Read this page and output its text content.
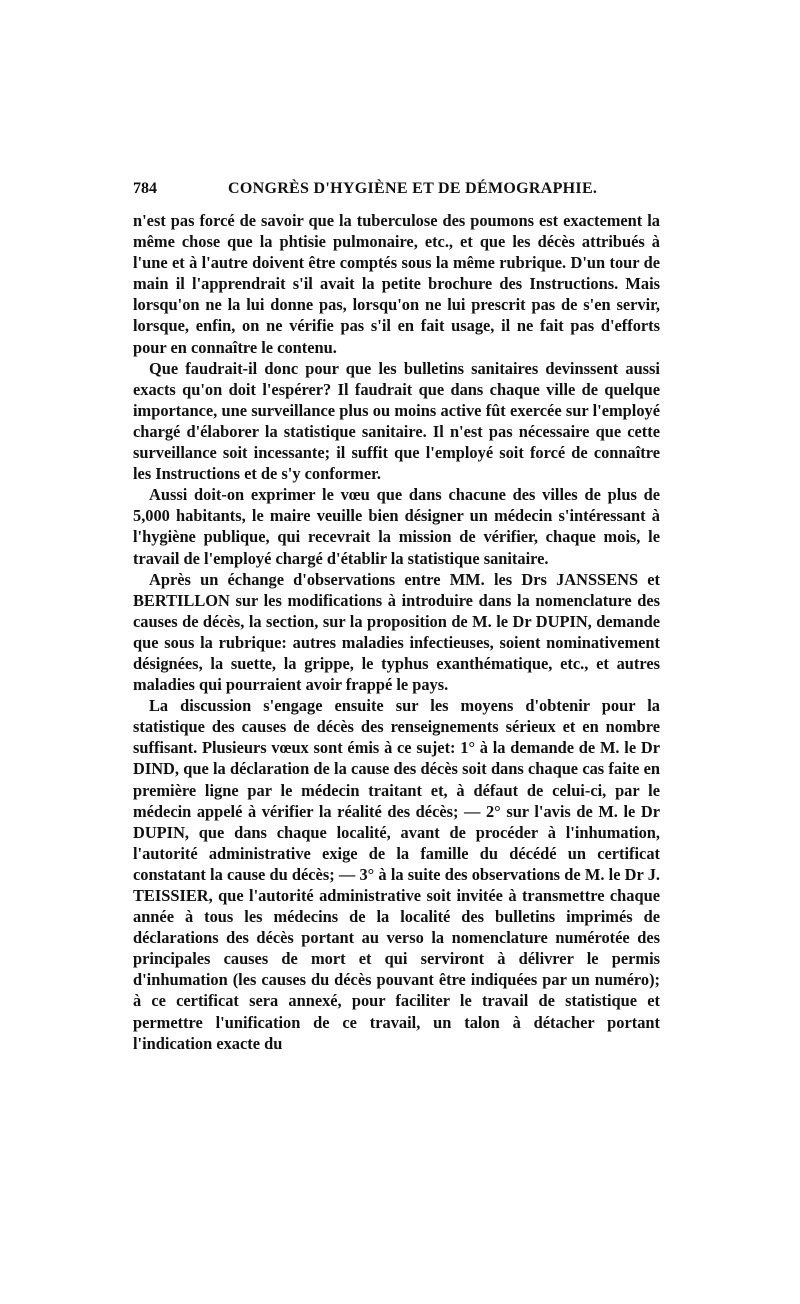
784	CONGRÈS D'HYGIÈNE ET DE DÉMOGRAPHIE.

n'est pas forcé de savoir que la tuberculose des poumons est exactement la même chose que la phtisie pulmonaire, etc., et que les décès attribués à l'une et à l'autre doivent être comptés sous la même rubrique. D'un tour de main il l'apprendrait s'il avait la petite brochure des Instructions. Mais lorsqu'on ne la lui donne pas, lorsqu'on ne lui prescrit pas de s'en servir, lorsque, enfin, on ne vérifie pas s'il en fait usage, il ne fait pas d'efforts pour en connaître le contenu.

Que faudrait-il donc pour que les bulletins sanitaires devinssent aussi exacts qu'on doit l'espérer? Il faudrait que dans chaque ville de quelque importance, une surveillance plus ou moins active fût exercée sur l'employé chargé d'élaborer la statistique sanitaire. Il n'est pas nécessaire que cette surveillance soit incessante; il suffit que l'employé soit forcé de connaître les Instructions et de s'y conformer.

Aussi doit-on exprimer le vœu que dans chacune des villes de plus de 5,000 habitants, le maire veuille bien désigner un médecin s'intéressant à l'hygiène publique, qui recevrait la mission de vérifier, chaque mois, le travail de l'employé chargé d'établir la statistique sanitaire.

Après un échange d'observations entre MM. les Drs JANSSENS et BERTILLON sur les modifications à introduire dans la nomenclature des causes de décès, la section, sur la proposition de M. le Dr DUPIN, demande que sous la rubrique: autres maladies infectieuses, soient nominativement désignées, la suette, la grippe, le typhus exanthématique, etc., et autres maladies qui pourraient avoir frappé le pays.

La discussion s'engage ensuite sur les moyens d'obtenir pour la statistique des causes de décès des renseignements sérieux et en nombre suffisant. Plusieurs vœux sont émis à ce sujet: 1° à la demande de M. le Dr DIND, que la déclaration de la cause des décès soit dans chaque cas faite en première ligne par le médecin traitant et, à défaut de celui-ci, par le médecin appelé à vérifier la réalité des décès; — 2° sur l'avis de M. le Dr DUPIN, que dans chaque localité, avant de procéder à l'inhumation, l'autorité administrative exige de la famille du décédé un certificat constatant la cause du décès; — 3° à la suite des observations de M. le Dr J. TEISSIER, que l'autorité administrative soit invitée à transmettre chaque année à tous les médecins de la localité des bulletins imprimés de déclarations des décès portant au verso la nomenclature numérotée des principales causes de mort et qui serviront à délivrer le permis d'inhumation (les causes du décès pouvant être indiquées par un numéro); à ce certificat sera annexé, pour faciliter le travail de statistique et permettre l'unification de ce travail, un talon à détacher portant l'indication exacte du
